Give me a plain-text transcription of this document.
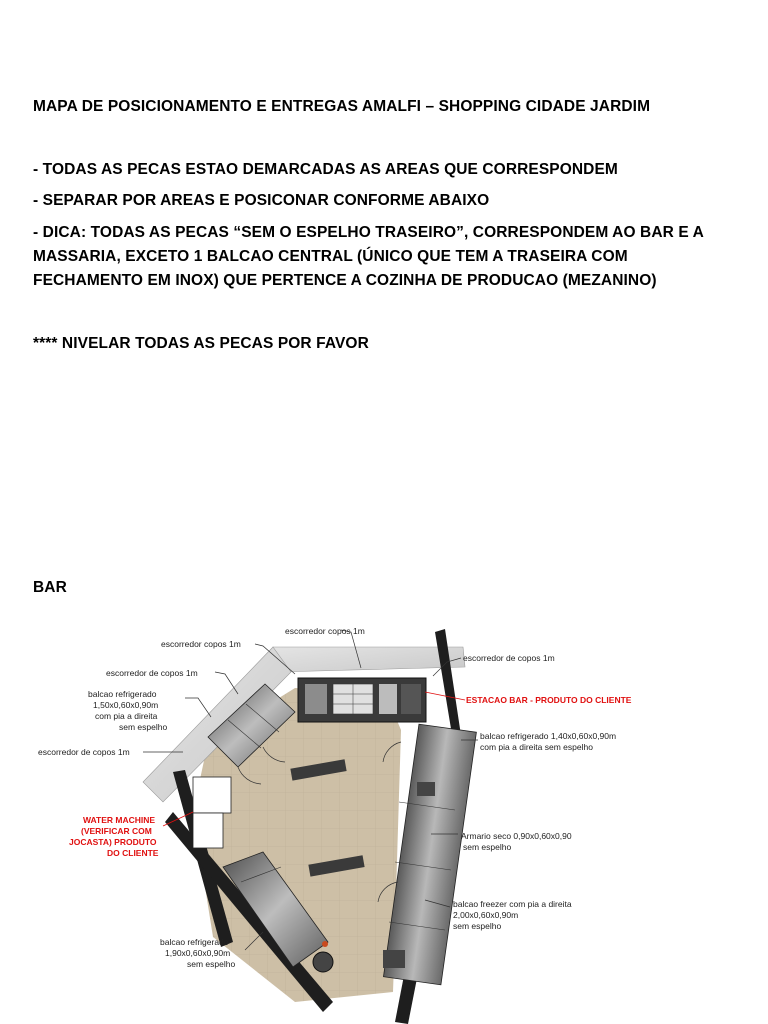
MAPA DE POSICIONAMENTO E ENTREGAS AMALFI – SHOPPING CIDADE JARDIM

- TODAS AS PECAS ESTAO DEMARCADAS AS AREAS QUE CORRESPONDEM

- SEPARAR POR AREAS E POSICONAR CONFORME ABAIXO

- DICA: TODAS AS PECAS “SEM O ESPELHO TRASEIRO”, CORRESPONDEM AO BAR E A MASSARIA, EXCETO 1 BALCAO CENTRAL (ÚNICO QUE TEM A TRASEIRA COM FECHAMENTO EM INOX) QUE PERTENCE A COZINHA DE PRODUCAO (MEZANINO)

**** NIVELAR TODAS AS PECAS POR FAVOR

BAR
escorredor copos 1m
escorredor copos 1m
escorredor de copos 1m
escorredor de copos 1m
escorredor de copos 1m
ESTACAO BAR - PRODUTO DO CLIENTE
balcao refrigerado
1,50x0,60x0,90m
com pia a direita
sem espelho
balcao refrigerado 1,40x0,60x0,90m
com pia a direita sem espelho
WATER MACHINE
(VERIFICAR COM
JOCASTA) PRODUTO
DO CLIENTE
Armario seco 0,90x0,60x0,90
sem espelho
balcao freezer com pia a direita
2,00x0,60x0,90m
sem espelho
balcao refrigerado
1,90x0,60x0,90m
sem espelho
